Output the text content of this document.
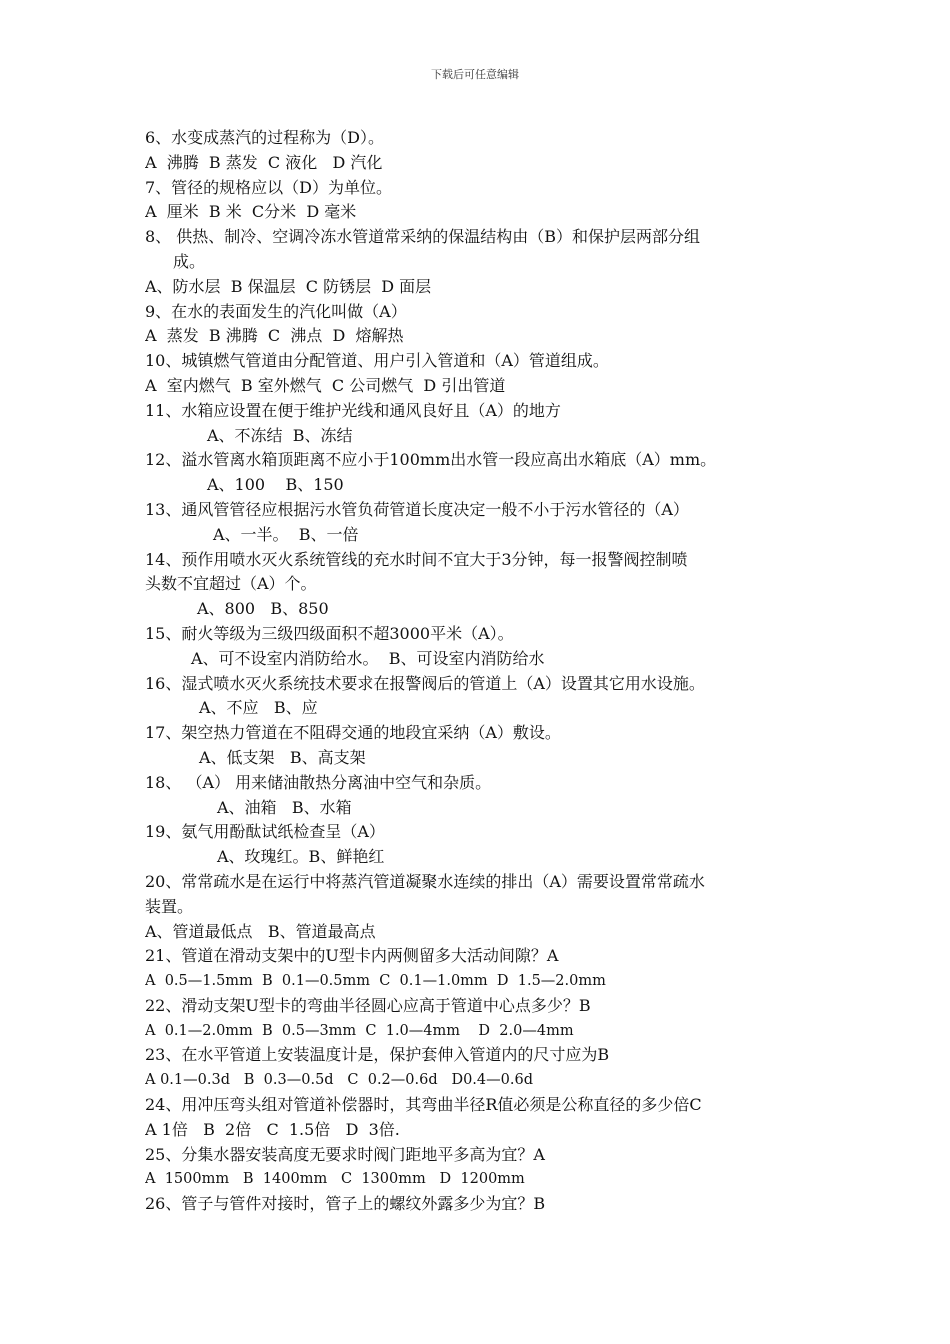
下载后可任意编辑
6、水变成蒸汽的过程称为（D）。
A  沸腾  B 蒸发  C 液化   D 汽化
7、管径的规格应以（D）为单位。
A  厘米  B 米  C分米  D 毫米
8、 供热、制冷、空调冷冻水管道常采纳的保温结构由（B）和保护层两部分组
成。
A、防水层  B 保温层  C 防锈层  D 面层
9、在水的表面发生的汽化叫做（A）
A  蒸发  B 沸腾  C  沸点  D  熔解热
10、城镇燃气管道由分配管道、用户引入管道和（A）管道组成。
A  室内燃气  B 室外燃气  C 公司燃气  D 引出管道
11、水箱应设置在便于维护光线和通风良好且（A）的地方
A、不冻结  B、冻结
12、溢水管离水箱顶距离不应小于100mm出水管一段应高出水箱底（A）mm。
A、100    B、150
13、通风管管径应根据污水管负荷管道长度决定一般不小于污水管径的（A）
A、一半。  B、一倍
14、预作用喷水灭火系统管线的充水时间不宜大于3分钟，每一报警阀控制喷
头数不宜超过（A）个。
A、800   B、850
15、耐火等级为三级四级面积不超3000平米（A）。
A、可不设室内消防给水。  B、可设室内消防给水
16、湿式喷水灭火系统技术要求在报警阀后的管道上（A）设置其它用水设施。
A、不应   B、应
17、架空热力管道在不阻碍交通的地段宜采纳（A）敷设。
A、低支架   B、高支架
18、 （A） 用来储油散热分离油中空气和杂质。
A、油箱   B、水箱
19、氨气用酚酞试纸检查呈（A）
A、玫瑰红。B、鲜艳红
20、常常疏水是在运行中将蒸汽管道凝聚水连续的排出（A）需要设置常常疏水
装置。
A、管道最低点   B、管道最高点
21、管道在滑动支架中的U型卡内两侧留多大活动间隙？A
A  0.5—1.5mm  B  0.1—0.5mm  C  0.1—1.0mm  D  1.5—2.0mm
22、滑动支架U型卡的弯曲半径圆心应高于管道中心点多少？B
A  0.1—2.0mm  B  0.5—3mm  C  1.0—4mm    D  2.0—4mm
23、在水平管道上安装温度计是，保护套伸入管道内的尺寸应为B
A 0.1—0.3d   B  0.3—0.5d   C  0.2—0.6d   D0.4—0.6d
24、用冲压弯头组对管道补偿器时，其弯曲半径R值必须是公称直径的多少倍C
A 1倍   B  2倍   C  1.5倍   D  3倍.
25、分集水器安装高度无要求时阀门距地平多高为宜？A
A  1500mm   B  1400mm   C  1300mm   D  1200mm
26、管子与管件对接时，管子上的螺纹外露多少为宜？B
